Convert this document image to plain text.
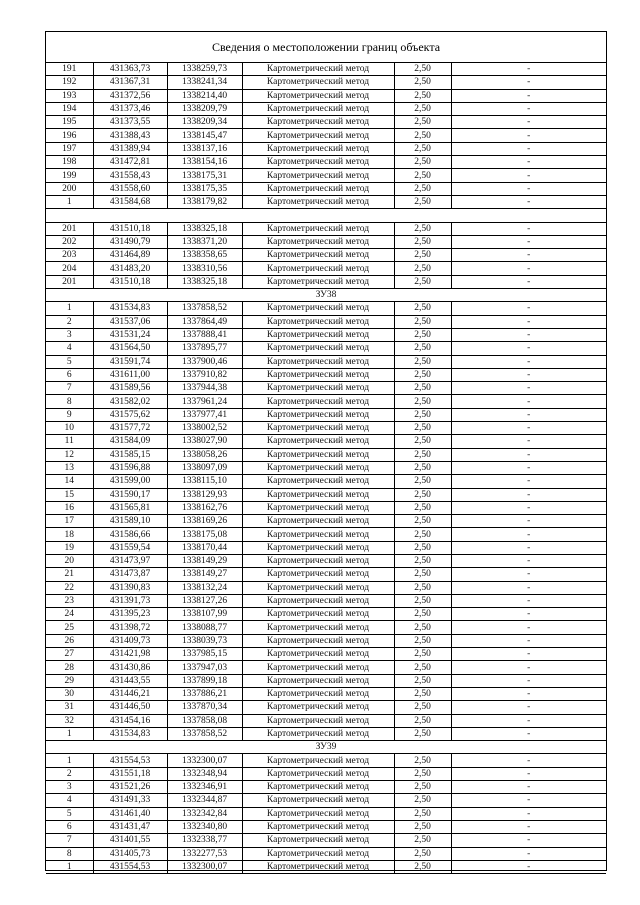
Сведения о местоположении границ объекта
191	431363,73	1338259,73	Картометрический метод	2,50	-
192	431367,31	1338241,34	Картометрический метод	2,50	-
193	431372,56	1338214,40	Картометрический метод	2,50	-
194	431373,46	1338209,79	Картометрический метод	2,50	-
195	431373,55	1338209,34	Картометрический метод	2,50	-
196	431388,43	1338145,47	Картометрический метод	2,50	-
197	431389,94	1338137,16	Картометрический метод	2,50	-
198	431472,81	1338154,16	Картометрический метод	2,50	-
199	431558,43	1338175,31	Картометрический метод	2,50	-
200	431558,60	1338175,35	Картометрический метод	2,50	-
1	431584,68	1338179,82	Картометрический метод	2,50	-

201	431510,18	1338325,18	Картометрический метод	2,50	-
202	431490,79	1338371,20	Картометрический метод	2,50	-
203	431464,89	1338358,65	Картометрический метод	2,50	-
204	431483,20	1338310,56	Картометрический метод	2,50	-
201	431510,18	1338325,18	Картометрический метод	2,50	-
ЗУ38					
1	431534,83	1337858,52	Картометрический метод	2,50	-
2	431537,06	1337864,49	Картометрический метод	2,50	-
3	431531,24	1337888,41	Картометрический метод	2,50	-
4	431564,50	1337895,77	Картометрический метод	2,50	-
5	431591,74	1337900,46	Картометрический метод	2,50	-
6	431611,00	1337910,82	Картометрический метод	2,50	-
7	431589,56	1337944,38	Картометрический метод	2,50	-
8	431582,02	1337961,24	Картометрический метод	2,50	-
9	431575,62	1337977,41	Картометрический метод	2,50	-
10	431577,72	1338002,52	Картометрический метод	2,50	-
11	431584,09	1338027,90	Картометрический метод	2,50	-
12	431585,15	1338058,26	Картометрический метод	2,50	-
13	431596,88	1338097,09	Картометрический метод	2,50	-
14	431599,00	1338115,10	Картометрический метод	2,50	-
15	431590,17	1338129,93	Картометрический метод	2,50	-
16	431565,81	1338162,76	Картометрический метод	2,50	-
17	431589,10	1338169,26	Картометрический метод	2,50	-
18	431586,66	1338175,08	Картометрический метод	2,50	-
19	431559,54	1338170,44	Картометрический метод	2,50	-
20	431473,97	1338149,29	Картометрический метод	2,50	-
21	431473,87	1338149,27	Картометрический метод	2,50	-
22	431390,83	1338132,24	Картометрический метод	2,50	-
23	431391,73	1338127,26	Картометрический метод	2,50	-
24	431395,23	1338107,99	Картометрический метод	2,50	-
25	431398,72	1338088,77	Картометрический метод	2,50	-
26	431409,73	1338039,73	Картометрический метод	2,50	-
27	431421,98	1337985,15	Картометрический метод	2,50	-
28	431430,86	1337947,03	Картометрический метод	2,50	-
29	431443,55	1337899,18	Картометрический метод	2,50	-
30	431446,21	1337886,21	Картометрический метод	2,50	-
31	431446,50	1337870,34	Картометрический метод	2,50	-
32	431454,16	1337858,08	Картометрический метод	2,50	-
1	431534,83	1337858,52	Картометрический метод	2,50	-
ЗУ39					
1	431554,53	1332300,07	Картометрический метод	2,50	-
2	431551,18	1332348,94	Картометрический метод	2,50	-
3	431521,26	1332346,91	Картометрический метод	2,50	-
4	431491,33	1332344,87	Картометрический метод	2,50	-
5	431461,40	1332342,84	Картометрический метод	2,50	-
6	431431,47	1332340,80	Картометрический метод	2,50	-
7	431401,55	1332338,77	Картометрический метод	2,50	-
8	431405,73	1332277,53	Картометрический метод	2,50	-
1	431554,53	1332300,07	Картометрический метод	2,50	-
